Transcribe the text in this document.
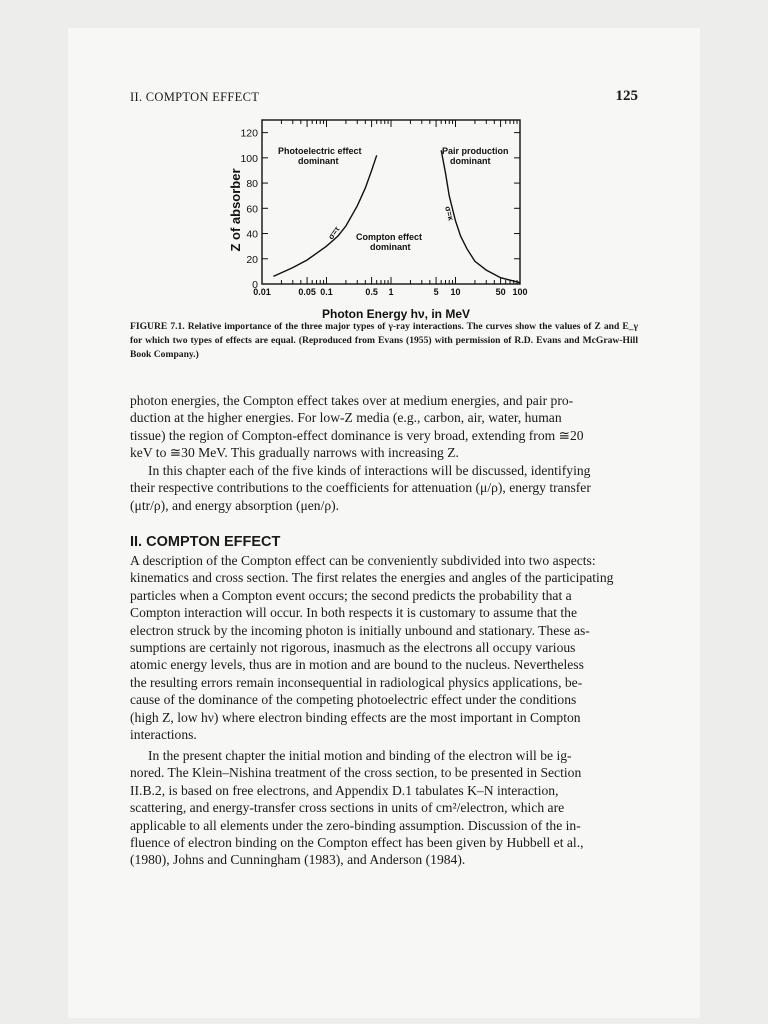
II. COMPTON EFFECT	125
0
20
40
60
80
100
120
0.01	0.05 0.1	0.5 1	5 10	50 100
Photoelectric effect
dominant
Pair production
dominant
Compton effect
dominant
σ=τ
σ=κ
Z of absorber
Photon Energy hν, in MeV
FIGURE 7.1. Relative importance of the three major types of γ-ray interactions. The curves show the values of Z and E_γ for which two types of effects are equal. (Reproduced from Evans (1955) with permission of R.D. Evans and McGraw-Hill Book Company.)
photon energies, the Compton effect takes over at medium energies, and pair pro-
duction at the higher energies. For low-Z media (e.g., carbon, air, water, human
tissue) the region of Compton-effect dominance is very broad, extending from ≅20
keV to ≅30 MeV. This gradually narrows with increasing Z.
In this chapter each of the five kinds of interactions will be discussed, identifying
their respective contributions to the coefficients for attenuation (μ/ρ), energy transfer
(μtr/ρ), and energy absorption (μen/ρ).
II. COMPTON EFFECT
A description of the Compton effect can be conveniently subdivided into two aspects:
kinematics and cross section. The first relates the energies and angles of the participating
particles when a Compton event occurs; the second predicts the probability that a
Compton interaction will occur. In both respects it is customary to assume that the
electron struck by the incoming photon is initially unbound and stationary. These as-
sumptions are certainly not rigorous, inasmuch as the electrons all occupy various
atomic energy levels, thus are in motion and are bound to the nucleus. Nevertheless
the resulting errors remain inconsequential in radiological physics applications, be-
cause of the dominance of the competing photoelectric effect under the conditions
(high Z, low hν) where electron binding effects are the most important in Compton
interactions.
In the present chapter the initial motion and binding of the electron will be ig-
nored. The Klein–Nishina treatment of the cross section, to be presented in Section
II.B.2, is based on free electrons, and Appendix D.1 tabulates K–N interaction,
scattering, and energy-transfer cross sections in units of cm²/electron, which are
applicable to all elements under the zero-binding assumption. Discussion of the in-
fluence of electron binding on the Compton effect has been given by Hubbell et al.,
(1980), Johns and Cunningham (1983), and Anderson (1984).
